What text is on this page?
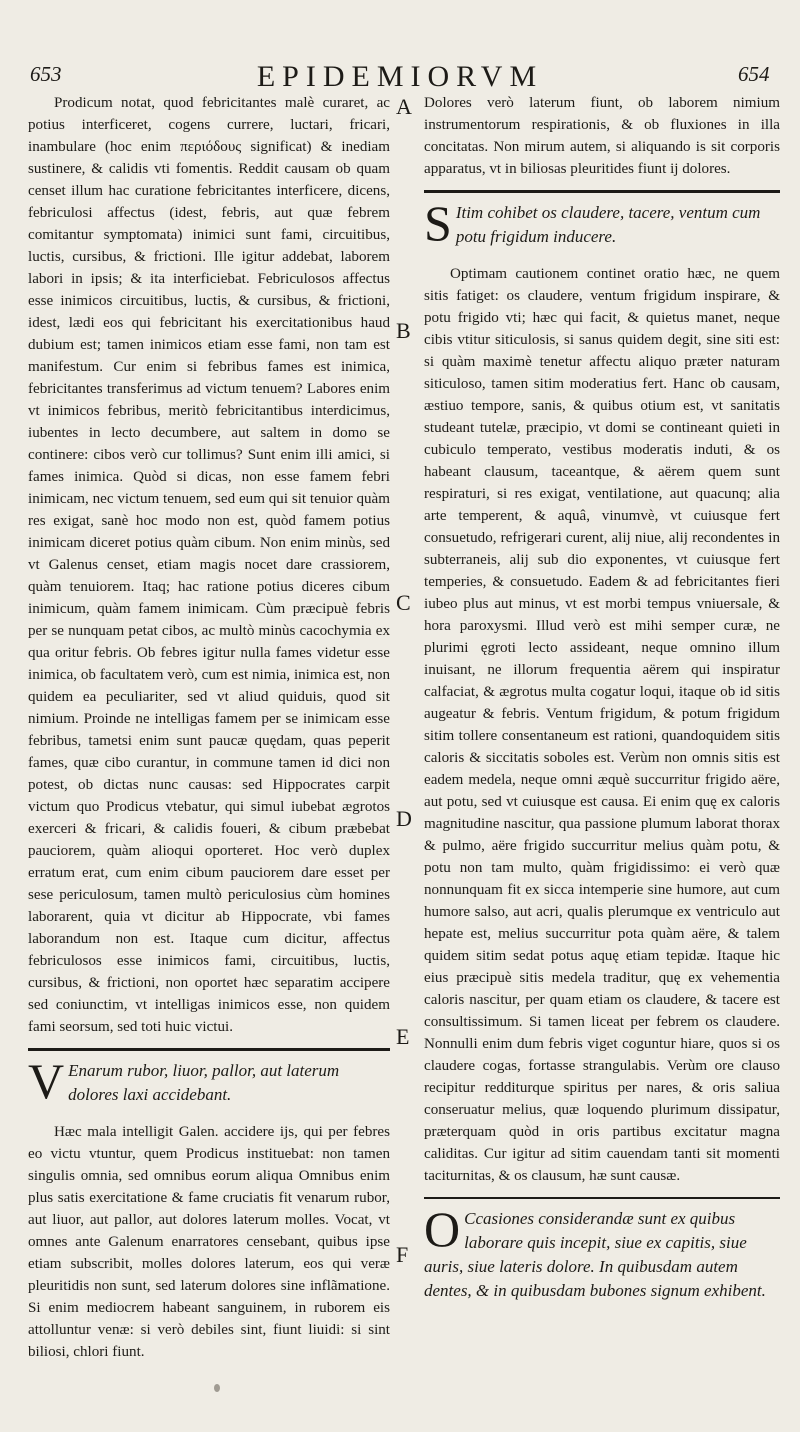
653	EPIDEMIORVM	654
A
B
C
D
E
F

Prodicum notat, quod febricitantes malè curaret, ac potius interficeret, cogens currere, luctari, fricari, inambulare (hoc enim περιόδους significat) & inediam sustinere, & calidis vti fomentis. Reddit causam ob quam censet illum hac curatione febricitantes interficere, dicens, febriculosi affectus (idest, febris, aut quæ febrem comitantur symptomata) inimici sunt fami, circuitibus, luctis, cursibus, & frictioni. Ille igitur addebat, laborem labori in ipsis; & ita interficiebat. Febriculosos affectus esse inimicos circuitibus, luctis, & cursibus, & frictioni, idest, lædi eos qui febricitant his exercitationibus haud dubium est; tamen inimicos etiam esse fami, non tam est manifestum. Cur enim si febribus fames est inimica, febricitantes transferimus ad victum tenuem? Labores enim vt inimicos febribus, meritò febricitantibus interdicimus, iubentes in lecto decumbere, aut saltem in domo se continere: cibos verò cur tollimus? Sunt enim illi amici, si fames inimica. Quòd si dicas, non esse famem febri inimicam, nec victum tenuem, sed eum qui sit tenuior quàm res exigat, sanè hoc modo non est, quòd famem potius inimicam diceret potius quàm cibum. Non enim minùs, sed vt Galenus censet, etiam magis nocet dare crassiorem, quàm tenuiorem. Itaq; hac ratione potius diceres cibum inimicum, quàm famem inimicam. Cùm præcipuè febris per se nunquam petat cibos, ac multò minùs cacochymia ex qua oritur febris. Ob febres igitur nulla fames videtur esse inimica, ob facultatem verò, cum est nimia, inimica est, non quidem ea peculiariter, sed vt aliud quiduis, quod sit nimium. Proinde ne intelligas famem per se inimicam esse febribus, tametsi enim sunt paucæ quędam, quas peperit fames, quæ cibo curantur, in commune tamen id dici non potest, ob dictas nunc causas: sed Hippocrates carpit victum quo Prodicus vtebatur, qui simul iubebat ægrotos exerceri & fricari, & calidis foueri, & cibum præbebat pauciorem, quàm alioqui oporteret. Hoc verò duplex erratum erat, cum enim cibum pauciorem dare esset per sese periculosum, tamen multò periculosius cùm homines laborarent, quia vt dicitur ab Hippocrate, vbi fames laborandum non est. Itaque cum dicitur, affectus febriculosos esse inimicos fami, circuitibus, luctis, cursibus, & frictioni, non oportet hæc separatim accipere sed coniunctim, vt intelligas inimicos esse, non quidem fami seorsum, sed toti huic victui.

V Enarum rubor, liuor, pallor, aut laterum dolores laxi accidebant.

Hæc mala intelligit Galen. accidere ijs, qui per febres eo victu vtuntur, quem Prodicus instituebat: non tamen singulis omnia, sed omnibus eorum aliqua Omnibus enim plus satis exercitatione & fame cruciatis fit venarum rubor, aut liuor, aut pallor, aut dolores laterum molles. Vocat, vt omnes ante Galenum enarratores censebant, quibus ipse etiam subscribit, molles dolores laterum, eos qui veræ pleuritidis non sunt, sed laterum dolores sine inflãmatione. Si enim mediocrem habeant sanguinem, in ruborem eis attolluntur venæ: si verò debiles sint, fiunt liuidi: si sint biliosi, chlori fiunt.

Dolores verò laterum fiunt, ob laborem nimium instrumentorum respirationis, & ob fluxiones in illa concitatas. Non mirum autem, si aliquando is sit corporis apparatus, vt in biliosas pleuritides fiunt ij dolores.

S Itim cohibet os claudere, tacere, ventum cum potu frigidum inducere.

Optimam cautionem continet oratio hæc, ne quem sitis fatiget: os claudere, ventum frigidum inspirare, & potu frigido vti; hæc qui facit, & quietus manet, neque cibis vtitur siticulosis, si sanus quidem degit, sine siti est: si quàm maximè tenetur affectu aliquo præter naturam siticuloso, tamen sitim moderatius fert. Hanc ob causam, æstiuo tempore, sanis, & quibus otium est, vt sanitatis studeant tutelæ, præcipio, vt domi se contineant quieti in cubiculo temperato, vestibus moderatis induti, & os habeant clausum, taceantque, & aërem quem sunt respiraturi, si res exigat, ventilatione, aut quacunq; alia arte temperent, & aquâ, vinumvè, vt cuiusque fert consuetudo, refrigerari curent, alij niue, alij recondentes in subterraneis, alij sub dio exponentes, vt cuiusque fert temperies, & consuetudo. Eadem & ad febricitantes fieri iubeo plus aut minus, vt est morbi tempus vniuersale, & hora paroxysmi. Illud verò est mihi semper curæ, ne plurimi ęgroti lecto assideant, neque omnino illum inuisant, ne illorum frequentia aërem qui inspiratur calfaciat, & ægrotus multa cogatur loqui, itaque ob id sitis augeatur & febris. Ventum frigidum, & potum frigidum sitim tollere consentaneum est rationi, quandoquidem sitis caloris & siccitatis soboles est. Verùm non omnis sitis est eadem medela, neque omni æquè succurritur frigido aëre, aut potu, sed vt cuiusque est causa. Ei enim quę ex caloris magnitudine nascitur, qua passione plumum laborat thorax & pulmo, aëre frigido succurritur melius quàm potu, & potu non tam multo, quàm frigidissimo: ei verò quæ nonnunquam fit ex sicca intemperie sine humore, aut cum humore salso, aut acri, qualis plerumque ex ventriculo aut hepate est, melius succurritur pota quàm aëre, & talem quidem sitim sedat potus aquę etiam tepidæ. Itaque hic eius præcipuè sitis medela traditur, quę ex vehementia caloris nascitur, per quam etiam os claudere, & tacere est consultissimum. Si tamen liceat per febrem os claudere. Nonnulli enim dum febris viget coguntur hiare, quos si os claudere cogas, fortasse strangulabis. Verùm ore clauso recipitur redditurque spiritus per nares, & oris saliua conseruatur melius, quæ loquendo plurimum dissipatur, præterquam quòd in oris partibus excitatur magna caliditas. Cur igitur ad sitim cauendam tanti sit momenti taciturnitas, & os clausum, hæ sunt causæ.

O Ccasiones considerandæ sunt ex quibus laborare quis incepit, siue ex capitis, siue auris, siue lateris dolore. In quibusdam autem dentes, & in quibusdam bubones signum exhibent.
